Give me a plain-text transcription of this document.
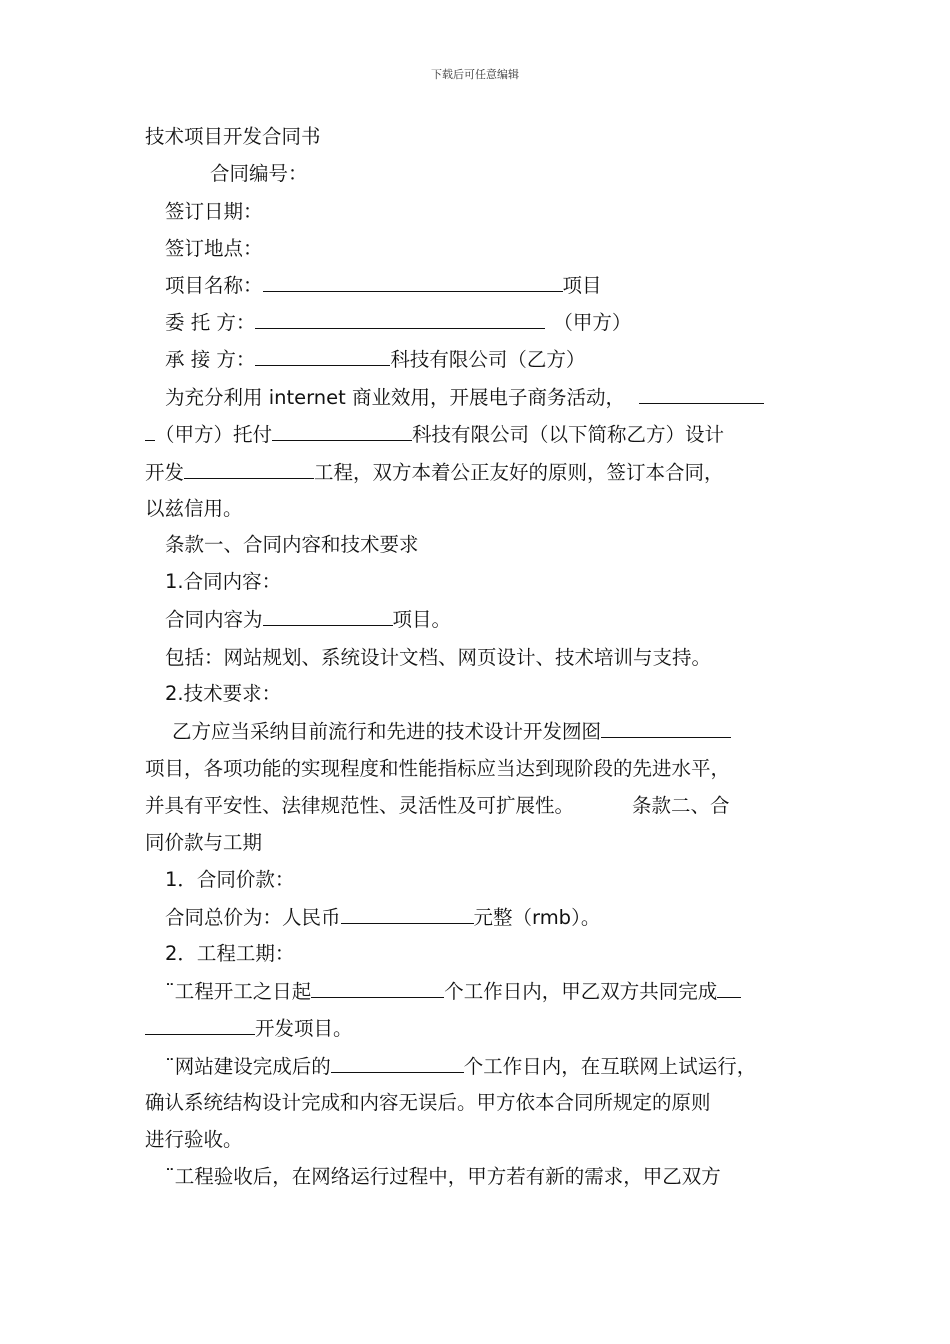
下载后可任意编辑
技术项目开发合同书
合同编号：
签订日期：
签订地点：
项目名称：	项目
委 托 方：	（甲方）
承 接 方：	科技有限公司（乙方）
为充分利用 internet 商业效用，开展电子商务活动，
（甲方）托付	科技有限公司（以下简称乙方）设计
开发	工程，双方本着公正友好的原则，签订本合同，
以兹信用。
条款一、合同内容和技术要求
1.合同内容：
合同内容为	项目。
包括：网站规划、系统设计文档、网页设计、技术培训与支持。
2.技术要求：
乙方应当采纳目前流行和先进的技术设计开发囫囵
项目，各项功能的实现程度和性能指标应当达到现阶段的先进水平，
并具有平安性、法律规范性、灵活性及可扩展性。	条款二、合
同价款与工期
1．合同价款：
合同总价为：人民币	元整（rmb）。
2．工程工期：
¨工程开工之日起	个工作日内，甲乙双方共同完成
开发项目。
¨网站建设完成后的	个工作日内，在互联网上试运行，
确认系统结构设计完成和内容无误后。甲方依本合同所规定的原则
进行验收。
¨工程验收后，在网络运行过程中，甲方若有新的需求，甲乙双方
